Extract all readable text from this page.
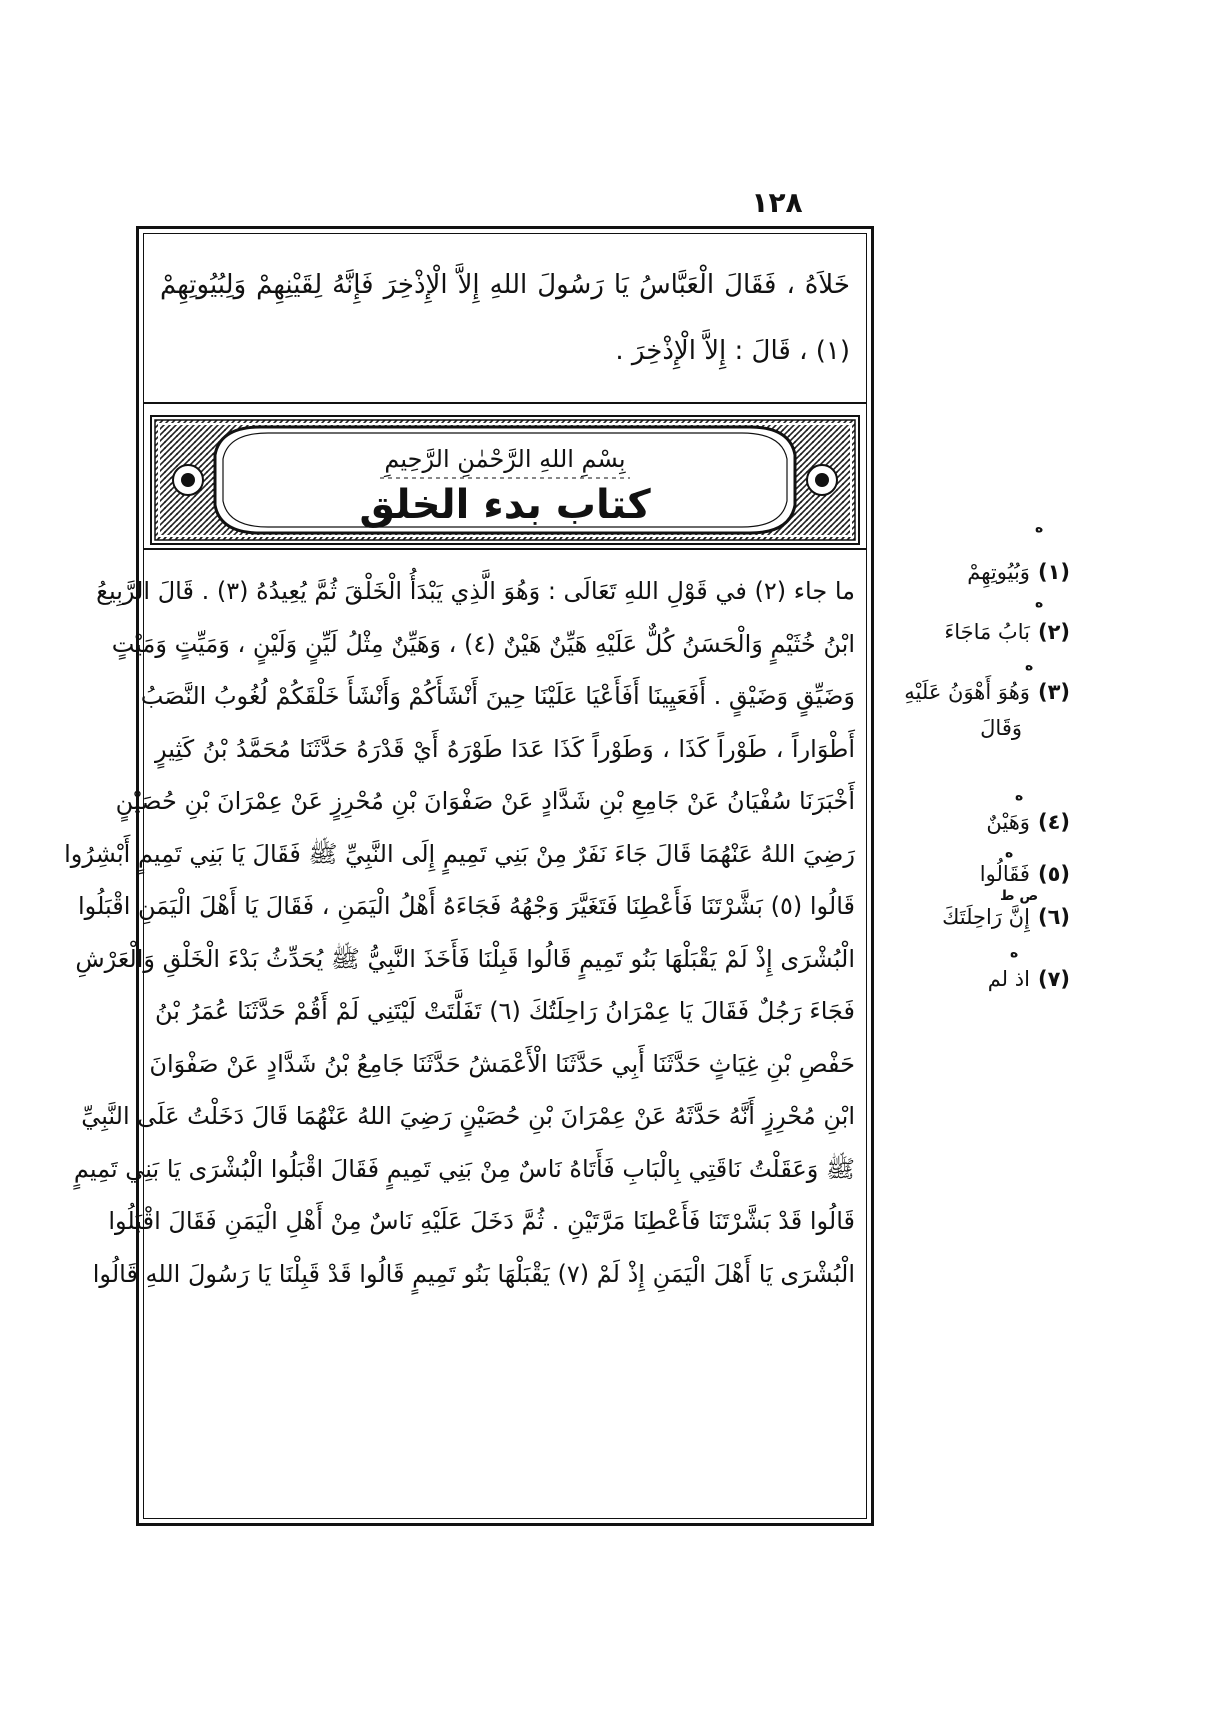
١٢٨
خَلاَهُ ، فَقَالَ الْعَبَّاسُ يَا رَسُولَ اللهِ إِلاَّ الْإِذْخِرَ فَإِنَّهُ لِقَيْنِهِمْ وَلِبُيُوتِهِمْ (١) ، قَالَ : إِلاَّ الْإِذْخِرَ .
بِسْمِ اللهِ الرَّحْمٰنِ الرَّحِيمِ
كتاب بدء الخلق
ما جاء (٢) في قَوْلِ اللهِ تَعَالَى : وَهُوَ الَّذِي يَبْدَأُ الْخَلْقَ ثُمَّ يُعِيدُهُ (٣) . قَالَ الرَّبِيعُ
ابْنُ خُثَيْمٍ وَالْحَسَنُ كُلٌّ عَلَيْهِ هَيِّنٌ هَيْنٌ (٤) ، وَهَيِّنٌ مِثْلُ لَيِّنٍ وَلَيْنٍ ، وَمَيِّتٍ وَمَيْتٍ
وَضَيِّقٍ وَضَيْقٍ . أَفَعَيِينَا أَفَأَعْيَا عَلَيْنَا حِينَ أَنْشَأَكُمْ وَأَنْشَأَ خَلْقَكُمْ لُغُوبُ النَّصَبُ
أَطْوَاراً ، طَوْراً كَذَا ، وَطَوْراً كَذَا عَدَا طَوْرَهُ أَيْ قَدْرَهُ حَدَّثَنَا مُحَمَّدُ بْنُ كَثِيرٍ
أَخْبَرَنَا سُفْيَانُ عَنْ جَامِعِ بْنِ شَدَّادٍ عَنْ صَفْوَانَ بْنِ مُحْرِزٍ عَنْ عِمْرَانَ بْنِ حُصَيْنٍ
رَضِيَ اللهُ عَنْهُمَا قَالَ جَاءَ نَفَرٌ مِنْ بَنِي تَمِيمٍ إِلَى النَّبِيِّ ﷺ فَقَالَ يَا بَنِي تَمِيمٍ أَبْشِرُوا
قَالُوا (٥) بَشَّرْتَنَا فَأَعْطِنَا فَتَغَيَّرَ وَجْهُهُ فَجَاءَهُ أَهْلُ الْيَمَنِ ، فَقَالَ يَا أَهْلَ الْيَمَنِ اقْبَلُوا
الْبُشْرَى إِذْ لَمْ يَقْبَلْهَا بَنُو تَمِيمٍ قَالُوا قَبِلْنَا فَأَخَذَ النَّبِيُّ ﷺ يُحَدِّثُ بَدْءَ الْخَلْقِ وَالْعَرْشِ
فَجَاءَ رَجُلٌ فَقَالَ يَا عِمْرَانُ رَاحِلَتُكَ (٦) تَفَلَّتَتْ لَيْتَنِي لَمْ أَقُمْ حَدَّثَنَا عُمَرُ بْنُ
حَفْصِ بْنِ غِيَاثٍ حَدَّثَنَا أَبِي حَدَّثَنَا الْأَعْمَشُ حَدَّثَنَا جَامِعُ بْنُ شَدَّادٍ عَنْ صَفْوَانَ
ابْنِ مُحْرِزٍ أَنَّهُ حَدَّثَهُ عَنْ عِمْرَانَ بْنِ حُصَيْنٍ رَضِيَ اللهُ عَنْهُمَا قَالَ دَخَلْتُ عَلَى النَّبِيِّ
ﷺ وَعَقَلْتُ نَاقَتِي بِالْبَابِ فَأَتَاهُ نَاسٌ مِنْ بَنِي تَمِيمٍ فَقَالَ اقْبَلُوا الْبُشْرَى يَا بَنِي تَمِيمٍ
قَالُوا قَدْ بَشَّرْتَنَا فَأَعْطِنَا مَرَّتَيْنِ . ثُمَّ دَخَلَ عَلَيْهِ نَاسٌ مِنْ أَهْلِ الْيَمَنِ فَقَالَ اقْبَلُوا
الْبُشْرَى يَا أَهْلَ الْيَمَنِ إِذْ لَمْ (٧) يَقْبَلْهَا بَنُو تَمِيمٍ قَالُوا قَدْ قَبِلْنَا يَا رَسُولَ اللهِ قَالُوا
ه
(١)وَبُيُوتِهِمْ
ه
(٢)بَابُ مَاجَاءَ
ه
(٣)وَهُوَ أَهْوَنُ عَلَيْهِ
وَقَالَ
ه
(٤)وَهَيْنٌ
ه
(٥)فَقَالُوا
ص ط
(٦)إِنَّ رَاحِلَتَكَ
ه
(٧)اذ لم
